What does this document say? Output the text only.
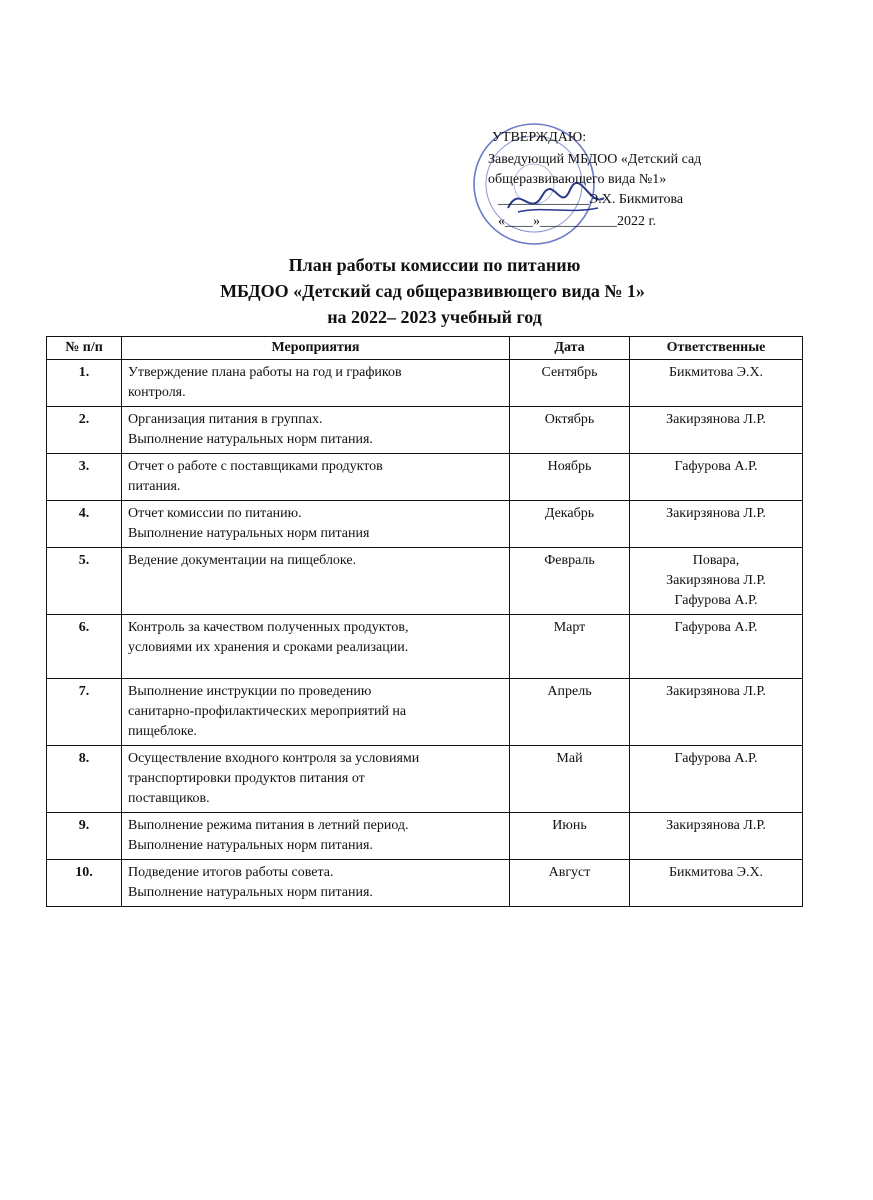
УТВЕРЖДАЮ:
Заведующий МБДОО «Детский сад
общеразвивающего вида №1»
_____________Э.Х. Бикмитова
«____»___________2022 г.
План работы комиссии по питанию
МБДОО «Детский сад общеразвивющего вида № 1»
на 2022– 2023 учебный год
№ п/п	Мероприятия	Дата	Ответственные
1.	Утверждение плана работы на год и графиков
контроля.	Сентябрь	Бикмитова Э.Х.

2.	Организация питания в группах.
Выполнение натуральных норм питания.	Октябрь	Закирзянова Л.Р.

3.	Отчет о работе с поставщиками продуктов
питания.	Ноябрь	Гафурова А.Р.

4.	Отчет комиссии по питанию.
Выполнение натуральных норм питания	Декабрь	Закирзянова Л.Р.

5.	Ведение документации на пищеблоке.	Февраль	Повара,
Закирзянова Л.Р.
Гафурова А.Р.

6.	Контроль за качеством полученных продуктов,
условиями их хранения и сроками реализации.	Март	Гафурова А.Р.

7.	Выполнение инструкции по проведению
санитарно-профилактических мероприятий на
пищеблоке.	Апрель	Закирзянова Л.Р.

8.	Осуществление входного контроля за условиями
транспортировки продуктов питания от
поставщиков.	Май	Гафурова А.Р.

9.	Выполнение режима питания в летний период.
Выполнение натуральных норм питания.	Июнь	Закирзянова Л.Р.

10.	Подведение итогов работы совета.
Выполнение натуральных норм питания.	Август	Бикмитова Э.Х.
